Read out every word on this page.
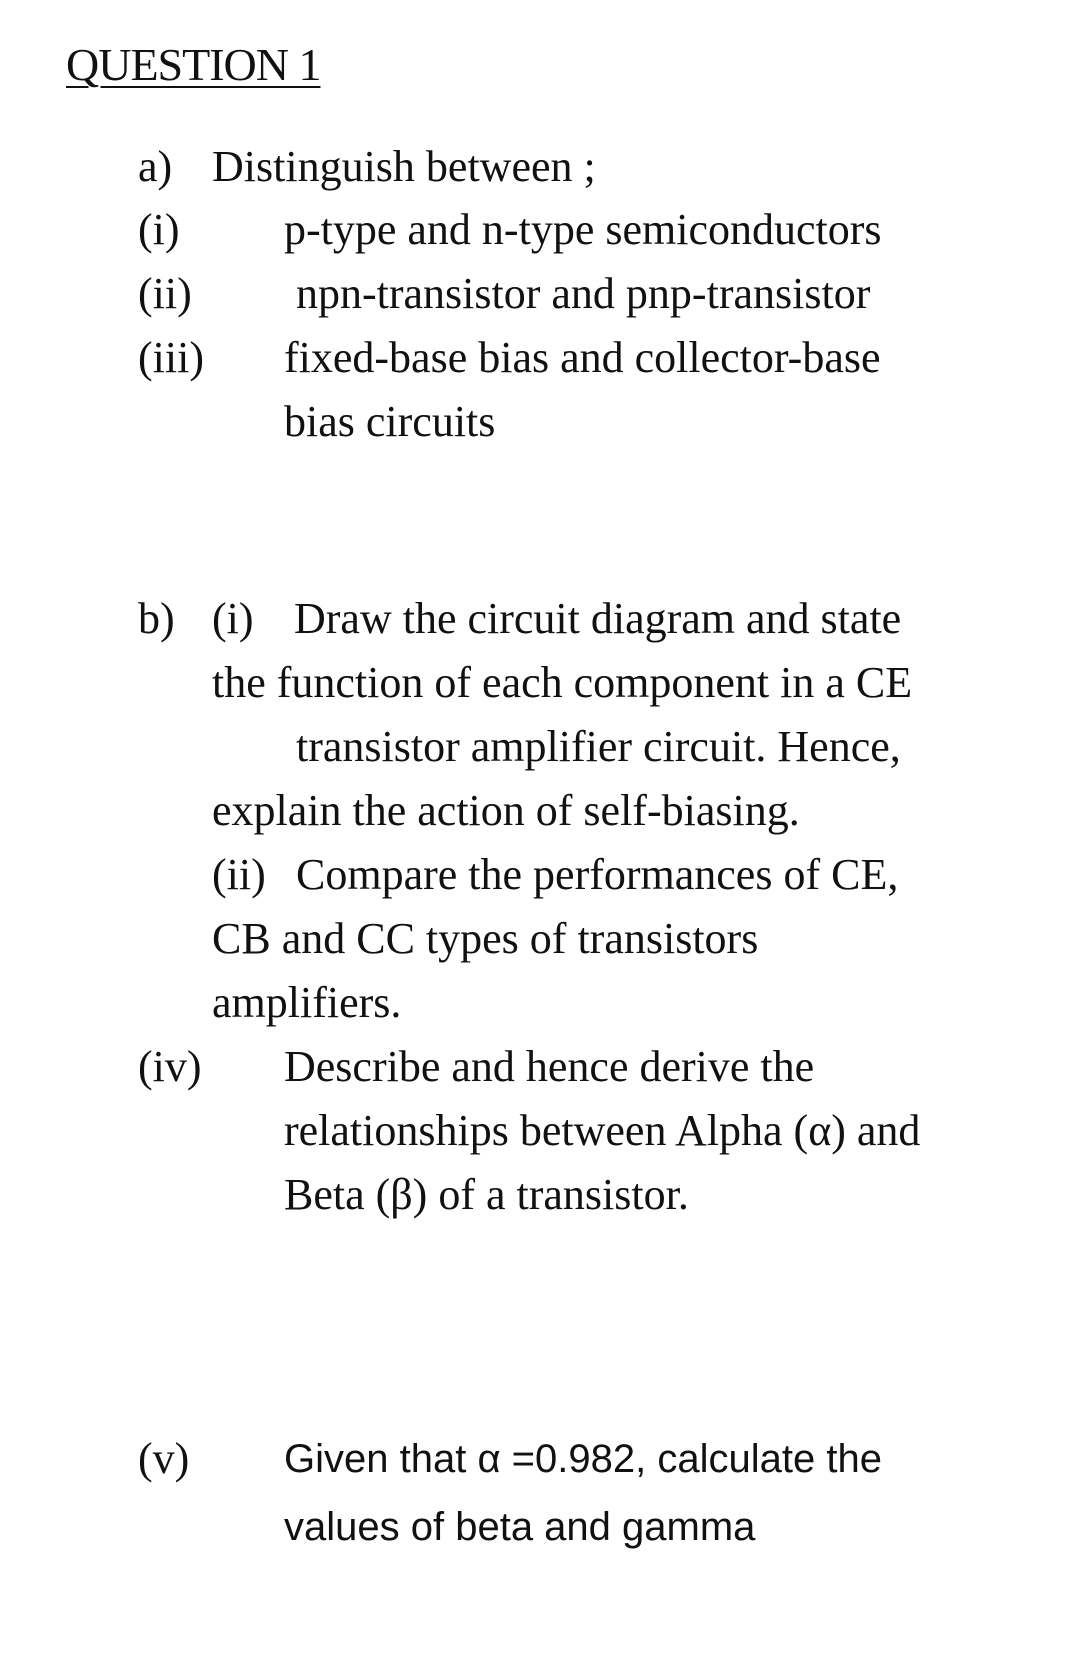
QUESTION 1
a) Distinguish between ;
(i) p-type and n-type semiconductors
(ii) npn-transistor and pnp-transistor
(iii) fixed-base bias and collector-base
bias circuits
b) (i) Draw the circuit diagram and state
the function of each component in a CE
transistor amplifier circuit. Hence,
explain the action of self-biasing.
(ii) Compare the performances of CE,
CB and CC types of transistors
amplifiers.
(iv) Describe and hence derive the
relationships between Alpha (α) and
Beta (β) of a transistor.
(v) Given that α =0.982, calculate the
values of beta and gamma
